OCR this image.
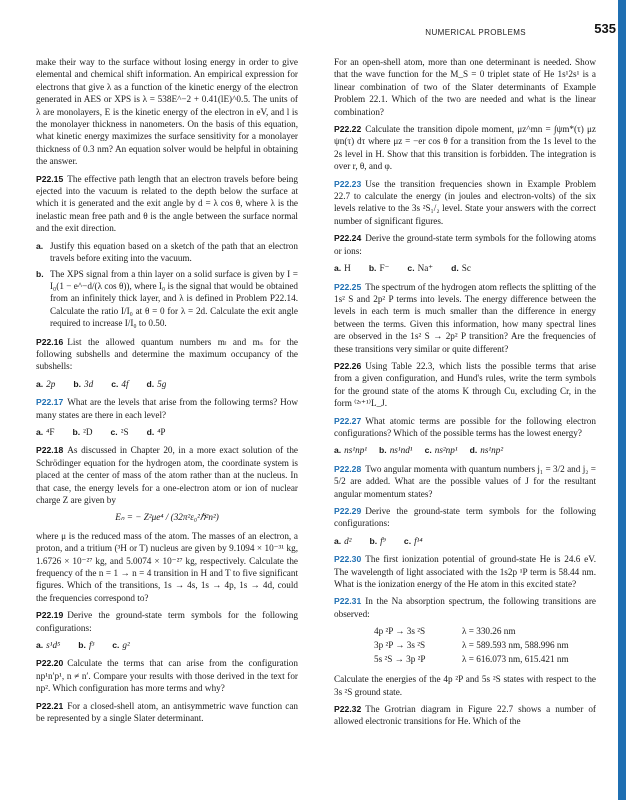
NUMERICAL PROBLEMS	535

make their way to the surface without losing energy in order to give elemental and chemical shift information. An empirical expression for electrons that give λ as a function of the kinetic energy of the electron generated in AES or XPS is λ = 538E^−2 + 0.41(lE)^0.5. The units of λ are monolayers, E is the kinetic energy of the electron in eV, and l is the monolayer thickness in nanometers. On the basis of this equation, what kinetic energy maximizes the surface sensitivity for a monolayer thickness of 0.3 nm? An equation solver would be helpful in obtaining the answer.

P22.15 The effective path length that an electron travels before being ejected into the vacuum is related to the depth below the surface at which it is generated and the exit angle by d = λ cos θ, where λ is the inelastic mean free path and θ is the angle between the surface normal and the exit direction.

a. Justify this equation based on a sketch of the path that an electron travels before exiting into the vacuum.
b. The XPS signal from a thin layer on a solid surface is given by I = I₀(1 − e^−d/(λ cos θ)), where I₀ is the signal that would be obtained from an infinitely thick layer, and λ is defined in Problem P22.14. Calculate the ratio I/I₀ at θ = 0 for λ = 2d. Calculate the exit angle required to increase I/I₀ to 0.50.

P22.16 List the allowed quantum numbers mₗ and mₛ for the following subshells and determine the maximum occupancy of the subshells:

a. 2p b. 3d c. 4f d. 5g

P22.17 What are the levels that arise from the following terms? How many states are there in each level?

a. ⁴F b. ²D c. ²S d. ⁴P

P22.18 As discussed in Chapter 20, in a more exact solution of the Schrödinger equation for the hydrogen atom, the coordinate system is placed at the center of mass of the atom rather than at the nucleus. In that case, the energy levels for a one-electron atom or ion of nuclear charge Z are given by

Eₙ = − Z²μe⁴ / (32π²ε₀²ℏ²n²)

where μ is the reduced mass of the atom. The masses of an electron, a proton, and a tritium (³H or T) nucleus are given by 9.1094 × 10⁻³¹ kg, 1.6726 × 10⁻²⁷ kg, and 5.0074 × 10⁻²⁷ kg, respectively. Calculate the frequency of the n = 1 → n = 4 transition in H and T to five significant figures. Which of the transitions, 1s → 4s, 1s → 4p, 1s → 4d, could the frequencies correspond to?

P22.19 Derive the ground-state term symbols for the following configurations:

a. s¹d⁵ b. f³ c. g²

P22.20 Calculate the terms that can arise from the configuration np¹n′p¹, n ≠ n′. Compare your results with those derived in the text for np². Which configuration has more terms and why?

P22.21 For a closed-shell atom, an antisymmetric wave function can be represented by a single Slater determinant.

For an open-shell atom, more than one determinant is needed. Show that the wave function for the M_S = 0 triplet state of He 1s¹2s¹ is a linear combination of two of the Slater determinants of Example Problem 22.1. Which of the two are needed and what is the linear combination?

P22.22 Calculate the transition dipole moment, μz^mn = ∫ψm*(τ) μz ψn(τ) dτ where μz = −er cos θ for a transition from the 1s level to the 2s level in H. Show that this transition is forbidden. The integration is over r, θ, and φ.

P22.23 Use the transition frequencies shown in Example Problem 22.7 to calculate the energy (in joules and electron-volts) of the six levels relative to the 3s ²S₁/₂ level. State your answers with the correct number of significant figures.

P22.24 Derive the ground-state term symbols for the following atoms or ions:

a. H b. F⁻ c. Na⁺ d. Sc

P22.25 The spectrum of the hydrogen atom reflects the splitting of the 1s² S and 2p² P terms into levels. The energy difference between the levels in each term is much smaller than the difference in energy between the terms. Given this information, how many spectral lines are observed in the 1s² S → 2p² P transition? Are the frequencies of these transitions very similar or quite different?

P22.26 Using Table 22.3, which lists the possible terms that arise from a given configuration, and Hund's rules, write the term symbols for the ground state of the atoms K through Cu, excluding Cr, in the form ⁽²ˢ⁺¹⁾L_J.

P22.27 What atomic terms are possible for the following electron configurations? Which of the possible terms has the lowest energy?

a. ns¹np¹ b. ns¹nd¹ c. ns²np¹ d. ns¹np²

P22.28 Two angular momenta with quantum numbers j₁ = 3/2 and j₂ = 5/2 are added. What are the possible values of J for the resultant angular momentum states?

P22.29 Derive the ground-state term symbols for the following configurations:

a. d² b. f⁹ c. f¹⁴

P22.30 The first ionization potential of ground-state He is 24.6 eV. The wavelength of light associated with the 1s2p ¹P term is 58.44 nm. What is the ionization energy of the He atom in this excited state?

P22.31 In the Na absorption spectrum, the following transitions are observed:

4p ²P → 3s ²S	λ = 330.26 nm
3p ²P → 3s ²S	λ = 589.593 nm, 588.996 nm
5s ²S → 3p ²P	λ = 616.073 nm, 615.421 nm

Calculate the energies of the 4p ²P and 5s ²S states with respect to the 3s ²S ground state.

P22.32 The Grotrian diagram in Figure 22.7 shows a number of allowed electronic transitions for He. Which of the
